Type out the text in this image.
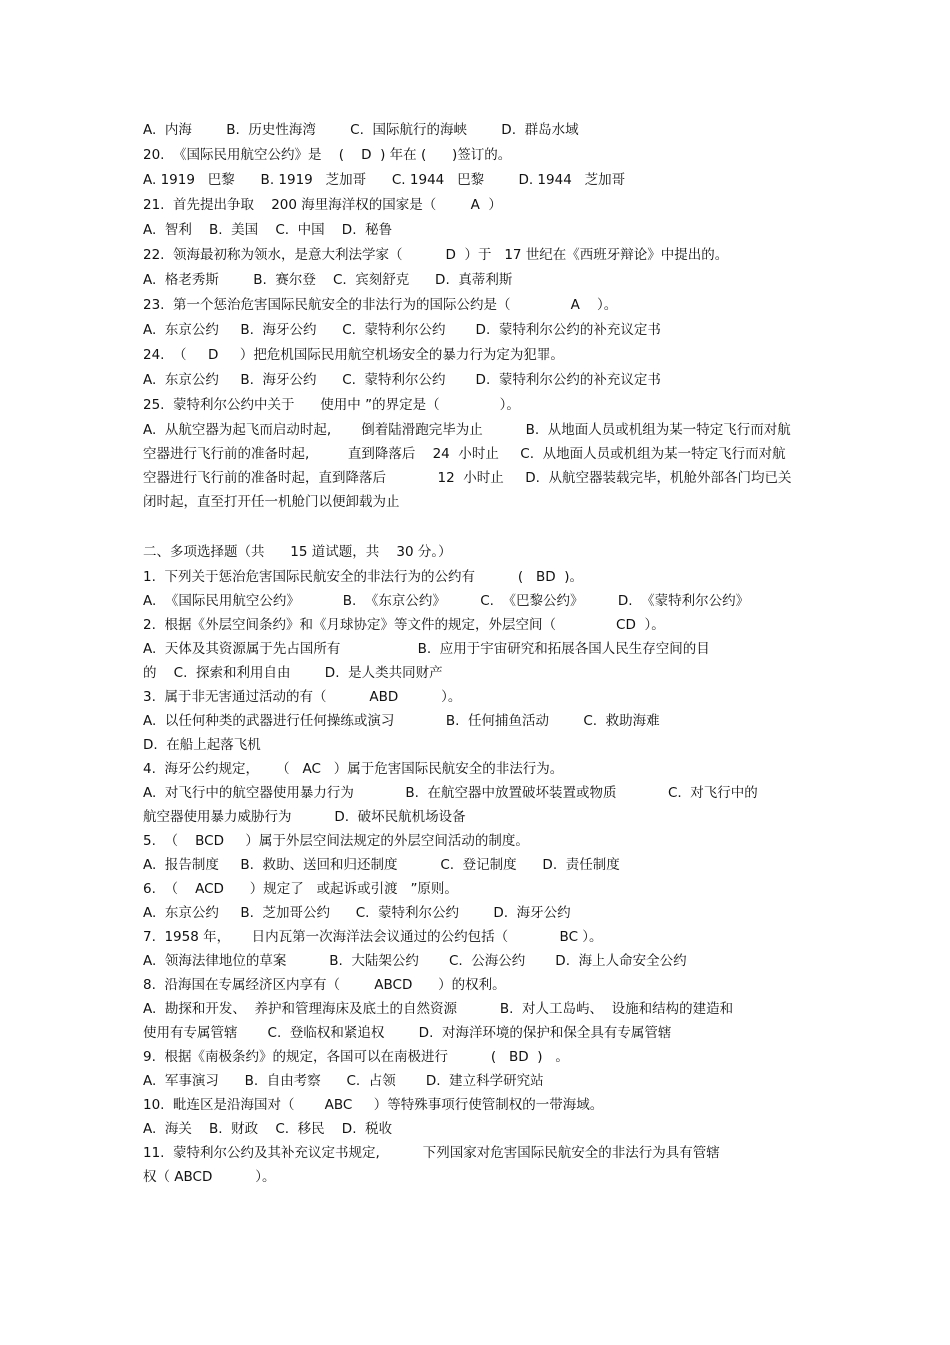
A.  内海        B.  历史性海湾        C.  国际航行的海峡        D.  群岛水域
20.  《国际民用航空公约》是    (    D  ) 年在 (      )签订的。
A. 1919   巴黎      B. 1919   芝加哥      C. 1944   巴黎        D. 1944   芝加哥
21.  首先提出争取    200 海里海洋权的国家是（        A  ）
A.  智利    B.  美国    C.  中国    D.  秘鲁
22.  领海最初称为领水，是意大利法学家（          D  ）于   17 世纪在《西班牙辩论》中提出的。
A.  格老秀斯        B.  赛尔登    C.  宾刻舒克      D.  真蒂利斯
23.  第一个惩治危害国际民航安全的非法行为的国际公约是（              A    ）。
A.  东京公约     B.  海牙公约      C.  蒙特利尔公约       D.  蒙特利尔公约的补充议定书
24.  （     D     ）把危机国际民用航空机场安全的暴力行为定为犯罪。
A.  东京公约     B.  海牙公约      C.  蒙特利尔公约       D.  蒙特利尔公约的补充议定书
25.  蒙特利尔公约中关于      使用中 ”的界定是（              ）。
A.  从航空器为起飞而启动时起,       倒着陆滑跑完毕为止          B.  从地面人员或机组为某一特定飞行而对航空器进行飞行前的准备时起,         直到降落后    24  小时止     C.  从地面人员或机组为某一特定飞行而对航空器进行飞行前的准备时起，直到降落后            12  小时止     D.  从航空器装载完毕，机舱外部各门均已关闭时起，直至打开任一机舱门以便卸载为止
二、多项选择题（共      15 道试题，共    30 分。）
1.  下列关于惩治危害国际民航安全的非法行为的公约有          (   BD  )。
A.  《国际民用航空公约》          B.  《东京公约》        C.  《巴黎公约》        D.  《蒙特利尔公约》
2.  根据《外层空间条约》和《月球协定》等文件的规定，外层空间（              CD  ）。
A.  天体及其资源属于先占国所有                  B.  应用于宇宙研究和拓展各国人民生存空间的目
的    C.  探索和利用自由        D.  是人类共同财产
3.  属于非无害通过活动的有（          ABD          ）。
A.  以任何种类的武器进行任何操练或演习            B.  任何捕鱼活动        C.  救助海难
D.  在船上起落飞机
4.  海牙公约规定，    （   AC   ）属于危害国际民航安全的非法行为。
A.  对飞行中的航空器使用暴力行为            B.  在航空器中放置破坏装置或物质            C.  对飞行中的
航空器使用暴力威胁行为          D.  破坏民航机场设备
5.  （    BCD     ）属于外层空间法规定的外层空间活动的制度。
A.  报告制度     B.  救助、送回和归还制度          C.  登记制度      D.  责任制度
6.  （    ACD      ）规定了   或起诉或引渡   ”原则。
A.  东京公约     B.  芝加哥公约      C.  蒙特利尔公约        D.  海牙公约
7.  1958 年，     日内瓦第一次海洋法会议通过的公约包括（            BC ）。
A.  领海法律地位的草案          B.  大陆架公约       C.  公海公约       D.  海上人命安全公约
8.  沿海国在专属经济区内享有（        ABCD      ）的权利。
A.  勘探和开发、  养护和管理海床及底土的自然资源          B.  对人工岛屿、  设施和结构的建造和
使用有专属管辖       C.  登临权和紧追权        D.  对海洋环境的保护和保全具有专属管辖
9.  根据《南极条约》的规定，各国可以在南极进行          (   BD  )   。
A.  军事演习      B.  自由考察      C.  占领       D.  建立科学研究站
10.  毗连区是沿海国对（       ABC     ）等特殊事项行使管制权的一带海域。
A.  海关    B.  财政    C.  移民    D.  税收
11.  蒙特利尔公约及其补充议定书规定,          下列国家对危害国际民航安全的非法行为具有管辖
权（ ABCD          ）。
